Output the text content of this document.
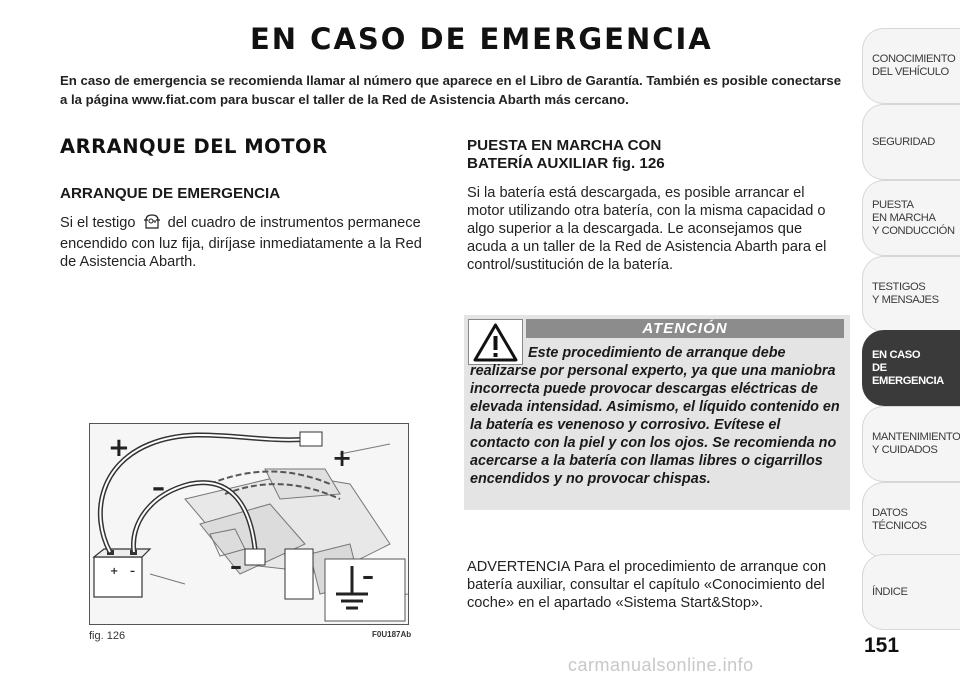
EN CASO DE EMERGENCIA
En caso de emergencia se recomienda llamar al número que aparece en el Libro de Garantía. También es posible conectarse a la página www.fiat.com para buscar el taller de la Red de Asistencia Abarth más cercano.
ARRANQUE DEL MOTOR
ARRANQUE DE EMERGENCIA
Si el testigo del cuadro de instrumentos permanece encendido con luz fija, diríjase inmediatamente a la Red de Asistencia Abarth.
PUESTA EN MARCHA CON
BATERÍA AUXILIAR fig. 126
Si la batería está descargada, es posible arrancar el motor utilizando otra batería, con la misma capacidad o algo superior a la descargada. Le aconsejamos que acuda a un taller de la Red de Asistencia Abarth para el control/sustitución de la batería.
ATENCIÓN
Este procedimiento de arranque debe realizarse por personal experto, ya que una maniobra incorrecta puede provocar descargas eléctricas de elevada intensidad. Asimismo, el líquido contenido en la batería es venenoso y corrosivo. Evítese el contacto con la piel y con los ojos. Se recomienda no acercarse a la batería con llamas libres o cigarrillos encendidos y no provocar chispas.
ADVERTENCIA Para el procedimiento de arranque con batería auxiliar, consultar el capítulo «Conocimiento del coche» en el apartado «Sistema Start&Stop».
+	+
–
–	–
+ –
fig. 126	F0U187Ab
CONOCIMIENTO
DEL VEHÍCULO
SEGURIDAD
PUESTA
EN MARCHA
Y CONDUCCIÓN
TESTIGOS
Y MENSAJES
EN CASO
DE EMERGENCIA
MANTENIMIENTO
Y CUIDADOS
DATOS TÉCNICOS
ÍNDICE
151
carmanualsonline.info
